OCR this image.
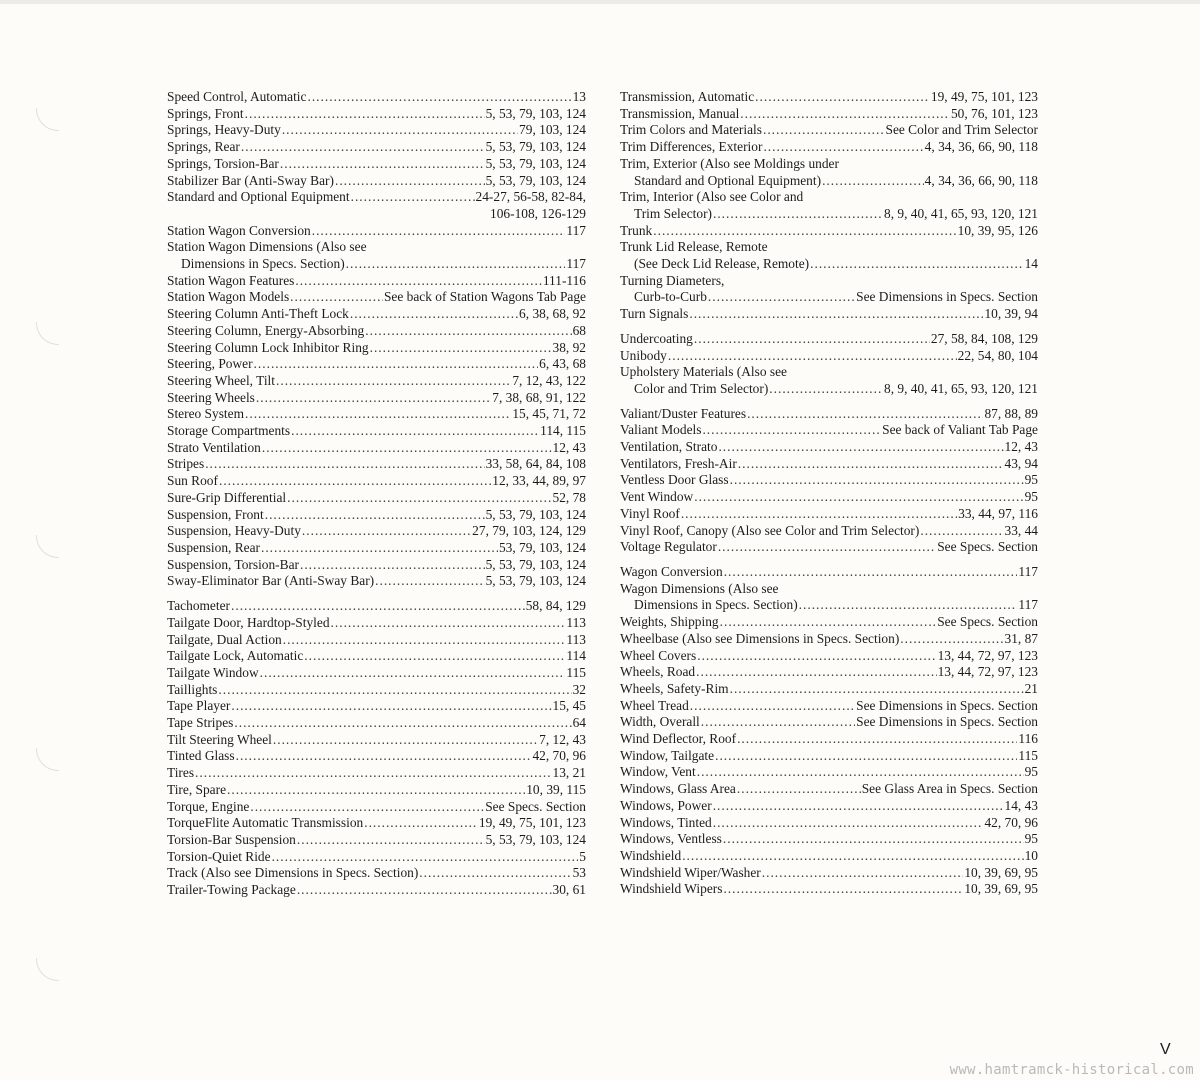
Speed Control, Automatic .....	13
Springs, Front .....	5, 53, 79, 103, 124
Springs, Heavy-Duty .....	79, 103, 124
Springs, Rear .....	5, 53, 79, 103, 124
Springs, Torsion-Bar .....	5, 53, 79, 103, 124
Stabilizer Bar (Anti-Sway Bar) .....	5, 53, 79, 103, 124
Standard and Optional Equipment .....	24-27, 56-58, 82-84,
106-108, 126-129
Station Wagon Conversion .....	117
Station Wagon Dimensions (Also see
Dimensions in Specs. Section) .....	117
Station Wagon Features .....	111-116
Station Wagon Models .....	See back of Station Wagons Tab Page
Steering Column Anti-Theft Lock .....	6, 38, 68, 92
Steering Column, Energy-Absorbing .....	68
Steering Column Lock Inhibitor Ring .....	38, 92
Steering, Power .....	6, 43, 68
Steering Wheel, Tilt .....	7, 12, 43, 122
Steering Wheels .....	7, 38, 68, 91, 122
Stereo System .....	15, 45, 71, 72
Storage Compartments .....	114, 115
Strato Ventilation .....	12, 43
Stripes .....	33, 58, 64, 84, 108
Sun Roof .....	12, 33, 44, 89, 97
Sure-Grip Differential .....	52, 78
Suspension, Front .....	5, 53, 79, 103, 124
Suspension, Heavy-Duty .....	27, 79, 103, 124, 129
Suspension, Rear .....	53, 79, 103, 124
Suspension, Torsion-Bar .....	5, 53, 79, 103, 124
Sway-Eliminator Bar (Anti-Sway Bar) .....	5, 53, 79, 103, 124
Tachometer .....	58, 84, 129
Tailgate Door, Hardtop-Styled .....	113
Tailgate, Dual Action .....	113
Tailgate Lock, Automatic .....	114
Tailgate Window .....	115
Taillights .....	32
Tape Player .....	15, 45
Tape Stripes .....	64
Tilt Steering Wheel .....	7, 12, 43
Tinted Glass .....	42, 70, 96
Tires .....	13, 21
Tire, Spare .....	10, 39, 115
Torque, Engine .....	See Specs. Section
TorqueFlite Automatic Transmission .....	19, 49, 75, 101, 123
Torsion-Bar Suspension .....	5, 53, 79, 103, 124
Torsion-Quiet Ride .....	5
Track (Also see Dimensions in Specs. Section) .....	53
Trailer-Towing Package .....	30, 61
Transmission, Automatic .....	19, 49, 75, 101, 123
Transmission, Manual .....	50, 76, 101, 123
Trim Colors and Materials .....	See Color and Trim Selector
Trim Differences, Exterior .....	4, 34, 36, 66, 90, 118
Trim, Exterior (Also see Moldings under
Standard and Optional Equipment) .....	4, 34, 36, 66, 90, 118
Trim, Interior (Also see Color and
Trim Selector) .....	8, 9, 40, 41, 65, 93, 120, 121
Trunk .....	10, 39, 95, 126
Trunk Lid Release, Remote
(See Deck Lid Release, Remote) .....	14
Turning Diameters,
Curb-to-Curb .....	See Dimensions in Specs. Section
Turn Signals .....	10, 39, 94
Undercoating .....	27, 58, 84, 108, 129
Unibody .....	22, 54, 80, 104
Upholstery Materials (Also see
Color and Trim Selector) .....	8, 9, 40, 41, 65, 93, 120, 121
Valiant/Duster Features .....	87, 88, 89
Valiant Models .....	See back of Valiant Tab Page
Ventilation, Strato .....	12, 43
Ventilators, Fresh-Air .....	43, 94
Ventless Door Glass .....	95
Vent Window .....	95
Vinyl Roof .....	33, 44, 97, 116
Vinyl Roof, Canopy (Also see Color and Trim Selector) .....	33, 44
Voltage Regulator .....	See Specs. Section
Wagon Conversion .....	117
Wagon Dimensions (Also see
Dimensions in Specs. Section) .....	117
Weights, Shipping .....	See Specs. Section
Wheelbase (Also see Dimensions in Specs. Section) .....	31, 87
Wheel Covers .....	13, 44, 72, 97, 123
Wheels, Road .....	13, 44, 72, 97, 123
Wheels, Safety-Rim .....	21
Wheel Tread .....	See Dimensions in Specs. Section
Width, Overall .....	See Dimensions in Specs. Section
Wind Deflector, Roof .....	116
Window, Tailgate .....	115
Window, Vent .....	95
Windows, Glass Area .....	See Glass Area in Specs. Section
Windows, Power .....	14, 43
Windows, Tinted .....	42, 70, 96
Windows, Ventless .....	95
Windshield .....	10
Windshield Wiper/Washer .....	10, 39, 69, 95
Windshield Wipers .....	10, 39, 69, 95
V
www.hamtramck-historical.com
